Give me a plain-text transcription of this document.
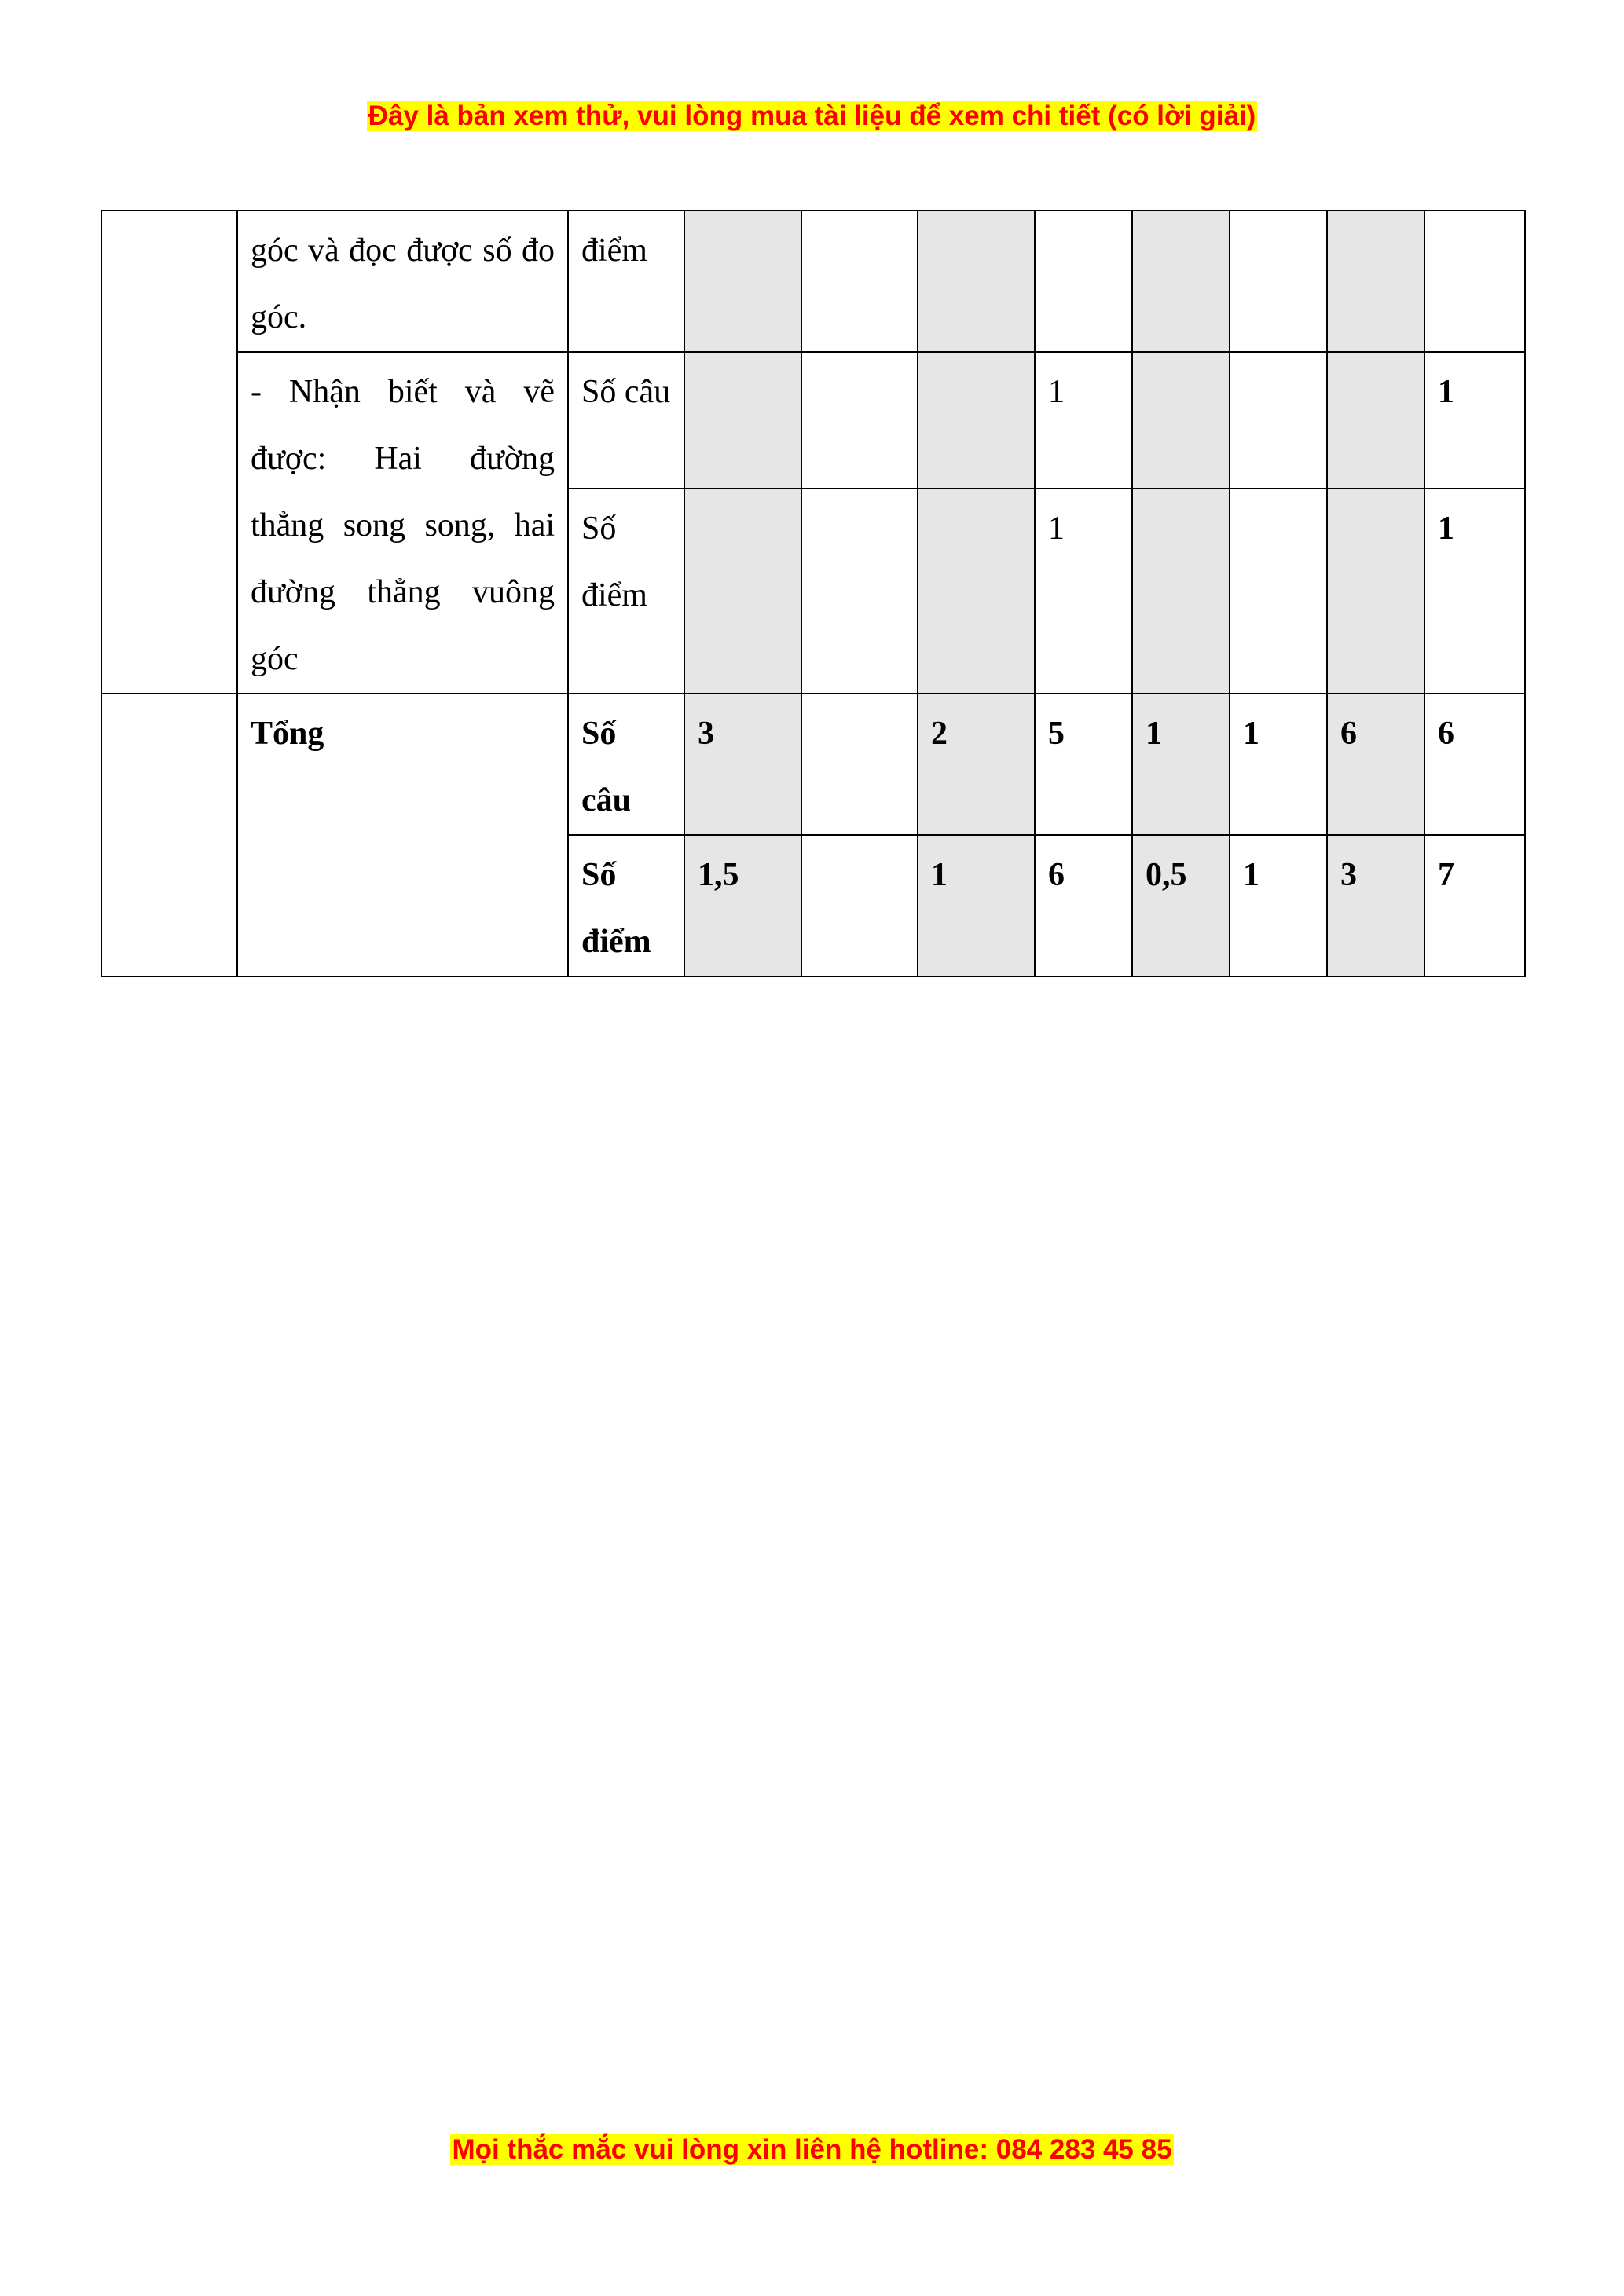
Đây là bản xem thử, vui lòng mua tài liệu để xem chi tiết (có lời giải)
	góc và đọc được số đo góc.	điểm								
	- Nhận biết và vẽ được: Hai đường thẳng song song, hai đường thẳng vuông góc	Số câu				1				1
		Số điểm				1				1
	Tổng	Số câu	3		2	5	1	1	6	6
		Số điểm	1,5		1	6	0,5	1	3	7
Mọi thắc mắc vui lòng xin liên hệ hotline: 084 283 45 85
